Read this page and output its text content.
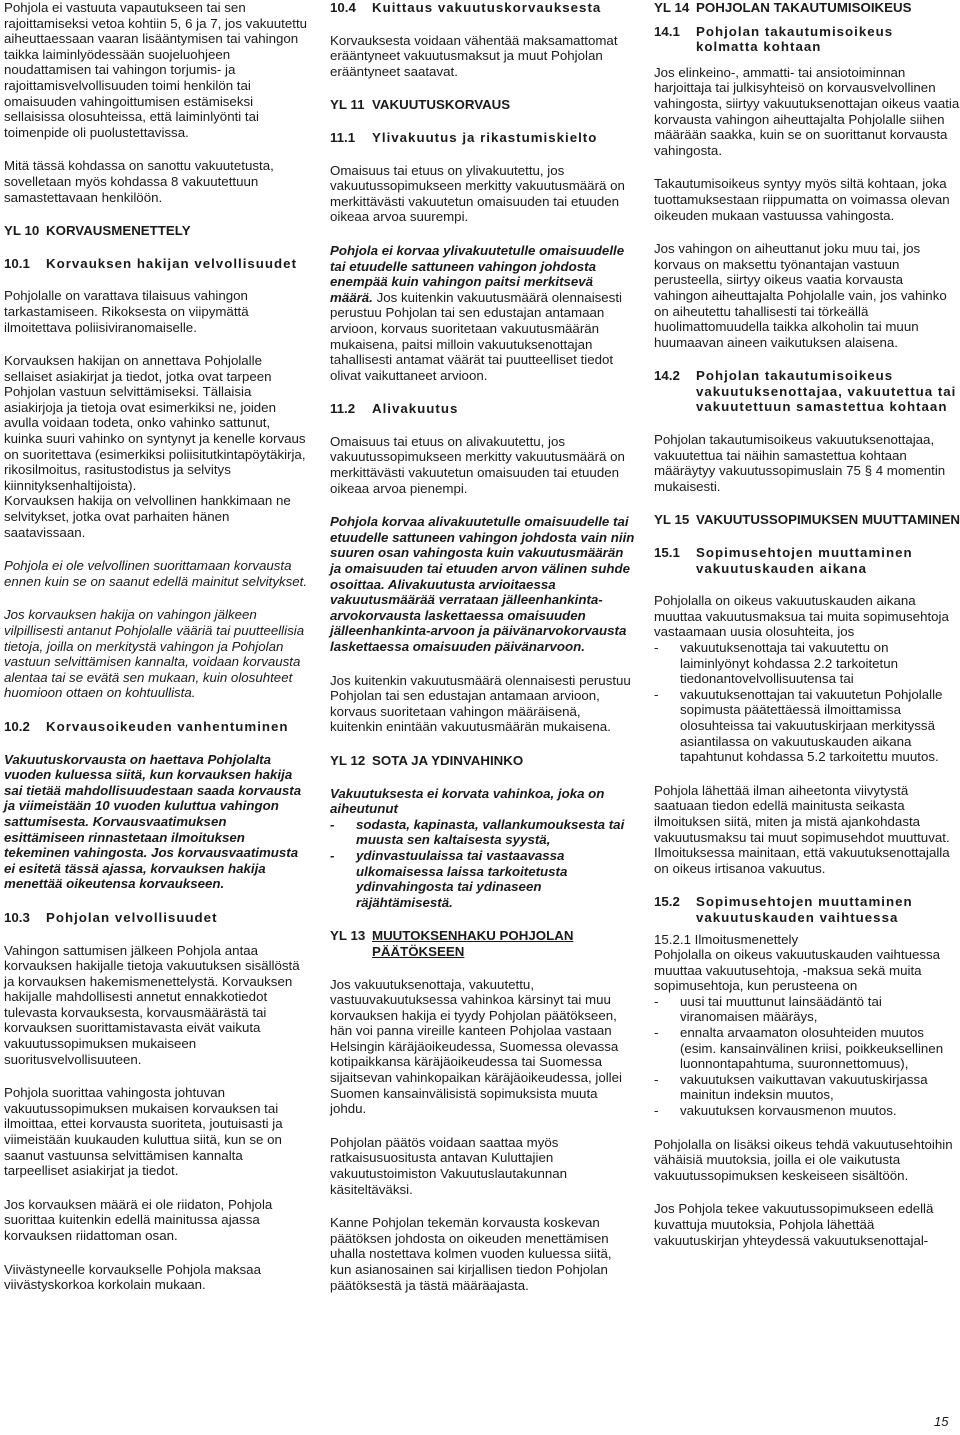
Pohjola ei vastuuta vapautukseen tai sen rajoittamiseksi vetoa kohtiin 5, 6 ja 7, jos vakuutettu aiheuttaessaan vaaran lisääntymisen tai vahingon taikka laiminlyödessään suojeluohjeen noudattamisen tai vahingon torjumis- ja rajoittamisvelvollisuuden toimi henkilön tai omaisuuden vahingoittumisen estämiseksi sellaisissa olosuhteissa, että laiminlyönti tai toimenpide oli puolustettavissa.

Mitä tässä kohdassa on sanottu vakuutetusta, sovelletaan myös kohdassa 8 vakuutettuun samastettavaan henkilöön.

YL 10 KORVAUSMENETTELY
10.1	Korvauksen hakijan velvollisuudet

Pohjolalle on varattava tilaisuus vahingon tarkastamiseen. Rikoksesta on viipymättä ilmoitettava poliisiviranomaiselle.

Korvauksen hakijan on annettava Pohjolalle sellaiset asiakirjat ja tiedot, jotka ovat tarpeen Pohjolan vastuun selvittämiseksi. Tällaisia asiakirjoja ja tietoja ovat esimerkiksi ne, joiden avulla voidaan todeta, onko vahinko sattunut, kuinka suuri vahinko on syntynyt ja kenelle korvaus on suoritettava (esimerkiksi poliisitutkintapöytäkirja, rikosilmoitus, rasitustodistus ja selvitys kiinnityksenhaltijoista).

Korvauksen hakija on velvollinen hankkimaan ne selvitykset, jotka ovat parhaiten hänen saatavissaan.

Pohjola ei ole velvollinen suorittamaan korvausta ennen kuin se on saanut edellä mainitut selvitykset.

Jos korvauksen hakija on vahingon jälkeen vilpillisesti antanut Pohjolalle vääriä tai puutteellisia tietoja, joilla on merkitystä vahingon ja Pohjolan vastuun selvittämisen kannalta, voidaan korvausta alentaa tai se evätä sen mukaan, kuin olosuhteet huomioon ottaen on kohtuullista.

10.2	Korvausoikeuden vanhentuminen

Vakuutuskorvausta on haettava Pohjolalta vuoden kuluessa siitä, kun korvauksen hakija sai tietää mahdollisuudestaan saada korvausta ja viimeistään 10 vuoden kuluttua vahingon sattumisesta. Korvausvaatimuksen esittämiseen rinnastetaan ilmoituksen tekeminen vahingosta. Jos korvausvaatimusta ei esitetä tässä ajassa, korvauksen hakija menettää oikeutensa korvaukseen.

10.3	Pohjolan velvollisuudet

Vahingon sattumisen jälkeen Pohjola antaa korvauksen hakijalle tietoja vakuutuksen sisällöstä ja korvauksen hakemismenettelystä. Korvauksen hakijalle mahdollisesti annetut ennakkotiedot tulevasta korvauksesta, korvausmäärästä tai korvauksen suorittamistavasta eivät vaikuta vakuutussopimuksen mukaiseen suoritusvelvollisuuteen.

Pohjola suorittaa vahingosta johtuvan vakuutussopimuksen mukaisen korvauksen tai ilmoittaa, ettei korvausta suoriteta, joutuisasti ja viimeistään kuukauden kuluttua siitä, kun se on saanut vastuunsa selvittämisen kannalta tarpeelliset asiakirjat ja tiedot.

Jos korvauksen määrä ei ole riidaton, Pohjola suorittaa kuitenkin edellä mainitussa ajassa korvauksen riidattoman osan.

Viivästyneelle korvaukselle Pohjola maksaa viivästyskorkoa korkolain mukaan.

10.4	Kuittaus vakuutuskorvauksesta

Korvauksesta voidaan vähentää maksamattomat erääntyneet vakuutusmaksut ja muut Pohjolan erääntyneet saatavat.

YL 11 VAKUUTUSKORVAUS
11.1	Ylivakuutus ja rikastumiskielto

Omaisuus tai etuus on ylivakuutettu, jos vakuutussopimukseen merkitty vakuutusmäärä on merkittävästi vakuutetun omaisuuden tai etuuden oikeaa arvoa suurempi.

Pohjola ei korvaa ylivakuutetulle omaisuudelle tai etuudelle sattuneen vahingon johdosta enempää kuin vahingon paitsi merkitsevä määrä. Jos kuitenkin vakuutusmäärä olennaisesti perustuu Pohjolan tai sen edustajan antamaan arvioon, korvaus suoritetaan vakuutusmäärän mukaisena, paitsi milloin vakuutuksenottajan tahallisesti antamat väärät tai puutteelliset tiedot olivat vaikuttaneet arvioon.

11.2	Alivakuutus

Omaisuus tai etuus on alivakuutettu, jos vakuutussopimukseen merkitty vakuutusmäärä on merkittävästi vakuutetun omaisuuden tai etuuden oikeaa arvoa pienempi.

Pohjola korvaa alivakuutetulle omaisuudelle tai etuudelle sattuneen vahingon johdosta vain niin suuren osan vahingosta kuin vakuutusmäärän ja omaisuuden tai etuuden arvon välinen suhde osoittaa. Alivakuutusta arvioitaessa vakuutusmäärää verrataan jälleenhankinta-arvokorvausta laskettaessa omaisuuden jälleenhankinta-arvoon ja päivänarvokorvausta laskettaessa omaisuuden päivänarvoon.

Jos kuitenkin vakuutusmäärä olennaisesti perustuu Pohjolan tai sen edustajan antamaan arvioon, korvaus suoritetaan vahingon määräisenä, kuitenkin enintään vakuutusmäärän mukaisena.

YL 12 SOTA JA YDINVAHINKO

Vakuutuksesta ei korvata vahinkoa, joka on aiheutunut

-	sodasta, kapinasta, vallankumouksesta tai muusta sen kaltaisesta syystä,
-	ydinvastuulaissa tai vastaavassa ulkomaisessa laissa tarkoitetusta ydinvahingosta tai ydinaseen räjähtämisestä.
YL 13 MUUTOKSENHAKU POHJOLAN PÄÄTÖKSEEN

Jos vakuutuksenottaja, vakuutettu, vastuuvakuutuksessa vahinkoa kärsinyt tai muu korvauksen hakija ei tyydy Pohjolan päätökseen, hän voi panna vireille kanteen Pohjolaa vastaan Helsingin käräjäoikeudessa, Suomessa olevassa kotipaikkansa käräjäoikeudessa tai Suomessa sijaitsevan vahinkopaikan käräjäoikeudessa, jollei Suomen kansainvälisistä sopimuksista muuta johdu.

Pohjolan päätös voidaan saattaa myös ratkaisusuositusta antavan Kuluttajien vakuutustoimiston Vakuutuslautakunnan käsiteltäväksi.

Kanne Pohjolan tekemän korvausta koskevan päätöksen johdosta on oikeuden menettämisen uhalla nostettava kolmen vuoden kuluessa siitä, kun asianosainen sai kirjallisen tiedon Pohjolan päätöksestä ja tästä määräajasta.

YL 14 POHJOLAN TAKAUTUMISOIKEUS
14.1	Pohjolan takautumisoikeus kolmatta kohtaan

Jos elinkeino-, ammatti- tai ansiotoiminnan harjoittaja tai julkisyhteisö on korvausvelvollinen vahingosta, siirtyy vakuutuksenottajan oikeus vaatia korvausta vahingon aiheuttajalta Pohjolalle siihen määrään saakka, kuin se on suorittanut korvausta vahingosta.

Takautumisoikeus syntyy myös siltä kohtaan, joka tuottamuksestaan riippumatta on voimassa olevan oikeuden mukaan vastuussa vahingosta.

Jos vahingon on aiheuttanut joku muu tai, jos korvaus on maksettu työnantajan vastuun perusteella, siirtyy oikeus vaatia korvausta vahingon aiheuttajalta Pohjolalle vain, jos vahinko on aiheutettu tahallisesti tai törkeällä huolimattomuudella taikka alkoholin tai muun huumaavan aineen vaikutuksen alaisena.

14.2	Pohjolan takautumisoikeus vakuutuksenottajaa, vakuutettua tai vakuutettuun samastettua kohtaan

Pohjolan takautumisoikeus vakuutuksenottajaa, vakuutettua tai näihin samastettua kohtaan määräytyy vakuutussopimuslain 75 § 4 momentin mukaisesti.

YL 15 VAKUUTUSSOPIMUKSEN MUUTTAMINEN
15.1	Sopimusehtojen muuttaminen vakuutuskauden aikana

Pohjolalla on oikeus vakuutuskauden aikana muuttaa vakuutusmaksua tai muita sopimusehtoja vastaamaan uusia olosuhteita, jos

-	vakuutuksenottaja tai vakuutettu on laiminlyönyt kohdassa 2.2 tarkoitetun tiedonantovelvollisuutensa tai
-	vakuutuksenottajan tai vakuutetun Pohjolalle sopimusta päätettäessä ilmoittamissa olosuhteissa tai vakuutuskirjaan merkityssä asiantilassa on vakuutuskauden aikana tapahtunut kohdassa 5.2 tarkoitettu muutos.

Pohjola lähettää ilman aiheetonta viivytystä saatuaan tiedon edellä mainitusta seikasta ilmoituksen siitä, miten ja mistä ajankohdasta vakuutusmaksu tai muut sopimusehdot muuttuvat. Ilmoituksessa mainitaan, että vakuutuksenottajalla on oikeus irtisanoa vakuutus.

15.2	Sopimusehtojen muuttaminen vakuutuskauden vaihtuessa

15.2.1 Ilmoitusmenettely

Pohjolalla on oikeus vakuutuskauden vaihtuessa muuttaa vakuutusehtoja, -maksua sekä muita sopimusehtoja, kun perusteena on

-	uusi tai muuttunut lainsäädäntö tai viranomaisen määräys,
-	ennalta arvaamaton olosuhteiden muutos (esim. kansainvälinen kriisi, poikkeuksellinen luonnontapahtuma, suuronnettomuus),
-	vakuutuksen vaikuttavan vakuutuskirjassa mainitun indeksin muutos,
-	vakuutuksen korvausmenon muutos.

Pohjolalla on lisäksi oikeus tehdä vakuutusehtoihin vähäisiä muutoksia, joilla ei ole vaikutusta vakuutussopimuksen keskeiseen sisältöön.

Jos Pohjola tekee vakuutussopimukseen edellä kuvattuja muutoksia, Pohjola lähettää vakuutuskirjan yhteydessä vakuutuksenottajal-

15
